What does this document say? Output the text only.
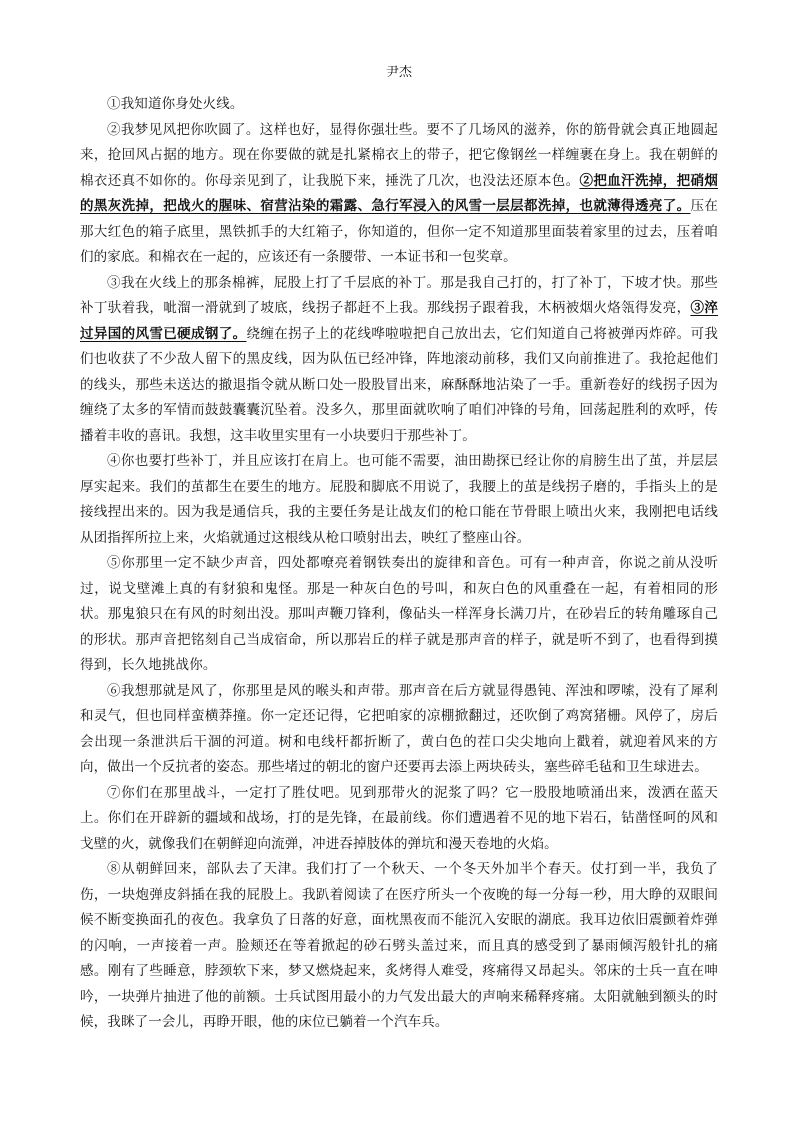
尹杰

①我知道你身处火线。

②我梦见风把你吹圆了。这样也好，显得你强壮些。要不了几场风的滋养，你的筋骨就会真正地圆起来，抢回风占据的地方。现在你要做的就是扎紧棉衣上的带子，把它像钢丝一样缠裹在身上。我在朝鲜的棉衣还真不如你的。你母亲见到了，让我脱下来，捶洗了几次，也没法还原本色。②把血汗洗掉，把硝烟的黑灰洗掉，把战火的腥味、宿营沾染的霜露、急行军浸入的风雪一层层都洗掉，也就薄得透亮了。压在那大红色的箱子底里，黑铁抓手的大红箱子，你知道的，但你一定不知道那里面装着家里的过去，压着咱们的家底。和棉衣在一起的，应该还有一条腰带、一本证书和一包奖章。

③我在火线上的那条棉裤，屁股上打了千层底的补丁。那是我自己打的，打了补丁，下坡才快。那些补丁驮着我，呲溜一滑就到了坡底，线拐子都赶不上我。那线拐子跟着我，木柄被烟火烙瓴得发亮，③淬过异国的风雪已硬成钢了。绕缠在拐子上的花线哗啦啦把自己放出去，它们知道自己将被弹丙炸碎。可我们也收获了不少敌人留下的黑皮线，因为队伍已经冲锋，阵地滚动前移，我们又向前推进了。我抢起他们的线头，那些未送达的撤退指令就从断口处一股股冒出来，麻酥酥地沾染了一手。重新卷好的线拐子因为缠绕了太多的军情而鼓鼓囊囊沉坠着。没多久，那里面就吹响了咱们冲锋的号角，回荡起胜利的欢呼，传播着丰收的喜讯。我想，这丰收里实里有一小块要归于那些补丁。

④你也要打些补丁，并且应该打在肩上。也可能不需要，油田勘探已经让你的肩膀生出了茧，并层层厚实起来。我们的茧都生在要生的地方。屁股和脚底不用说了，我腰上的茧是线拐子磨的，手指头上的是接线捏出来的。因为我是通信兵，我的主要任务是让战友们的枪口能在节骨眼上喷出火来，我刚把电话线从团指挥所拉上来，火焰就通过这根线从枪口喷射出去，映红了整座山谷。

⑤你那里一定不缺少声音，四处都嘹亮着钢铁奏出的旋律和音色。可有一种声音，你说之前从没听过，说戈壁滩上真的有豺狼和鬼怪。那是一种灰白色的号叫，和灰白色的风重叠在一起，有着相同的形状。那鬼狼只在有风的时刻出没。那叫声鞭刀锋利，像砧头一样浑身长满刀片，在砂岩丘的转角雕琢自己的形状。那声音把铭刻自己当成宿命，所以那岩丘的样子就是那声音的样子，就是听不到了，也看得到摸得到，长久地挑战你。

⑥我想那就是风了，你那里是风的喉头和声带。那声音在后方就显得愚钝、浑浊和啰嗦，没有了犀利和灵气，但也同样蛮横莽撞。你一定还记得，它把咱家的凉棚掀翻过，还吹倒了鸡窝猪栅。风停了，房后会出现一条泄洪后干涸的河道。树和电线杆都折断了，黄白色的茬口尖尖地向上戳着，就迎着风来的方向，做出一个反抗者的姿态。那些堵过的朝北的窗户还要再去添上两块砖头，塞些碎毛毡和卫生球进去。

⑦你们在那里战斗，一定打了胜仗吧。见到那带火的泥浆了吗？它一股股地喷涌出来，泼洒在蓝天上。你们在开辟新的疆域和战场，打的是先锋，在最前线。你们遭遇着不见的地下岩石，钻凿怪呵的风和戈壁的火，就像我们在朝鲜迎向流弹，冲进吞掉肢体的弹坑和漫天卷地的火焰。

⑧从朝鲜回来，部队去了天津。我们打了一个秋天、一个冬天外加半个春天。仗打到一半，我负了伤，一块炮弹皮斜插在我的屁股上。我趴着阅读了在医疗所头一个夜晚的每一分每一秒，用大睁的双眼间候不断变换面孔的夜色。我拿负了日落的好意，面枕黑夜而不能沉入安眠的湖底。我耳边依旧震颤着炸弹的闪响，一声接着一声。脸颊还在等着掀起的砂石劈头盖过来，而且真的感受到了暴雨倾泻般针扎的痛感。刚有了些睡意，脖颈软下来，梦又燃烧起来，炙烤得人难受，疼痛得又昂起头。邻床的士兵一直在呻吟，一块弹片抽进了他的前额。士兵试图用最小的力气发出最大的声响来稀释疼痛。太阳就触到额头的时候，我眯了一会儿，再睁开眼，他的床位已躺着一个汽车兵。
